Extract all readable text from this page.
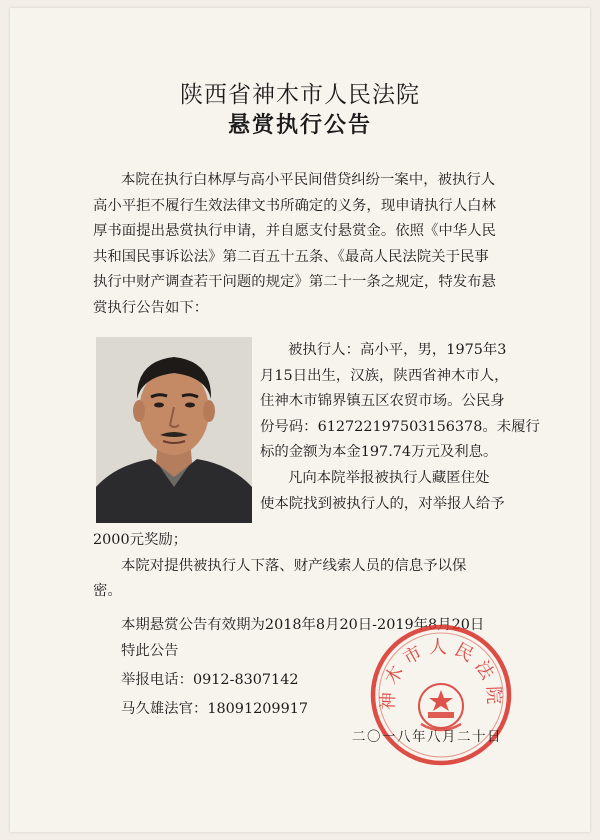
陕西省神木市人民法院
悬赏执行公告
本院在执行白林厚与高小平民间借贷纠纷一案中，被执行人
高小平拒不履行生效法律文书所确定的义务，现申请执行人白林
厚书面提出悬赏执行申请，并自愿支付悬赏金。依照《中华人民
共和国民事诉讼法》第二百五十五条、《最高人民法院关于民事
执行中财产调查若干问题的规定》第二十一条之规定，特发布悬
赏执行公告如下：
被执行人：高小平，男，1975年3
月15日出生，汉族，陕西省神木市人，
住神木市锦界镇五区农贸市场。公民身
份号码：612722197503156378。未履行
标的金额为本金197.74万元及利息。
凡向本院举报被执行人藏匿住处
使本院找到被执行人的，对举报人给予
2000元奖励；
本院对提供被执行人下落、财产线索人员的信息予以保
密。
本期悬赏公告有效期为2018年8月20日-2019年8月20日
特此公告
举报电话：0912-8307142
马久雄法官：18091209917	神木市人民法院
二〇一八年八月二十日
